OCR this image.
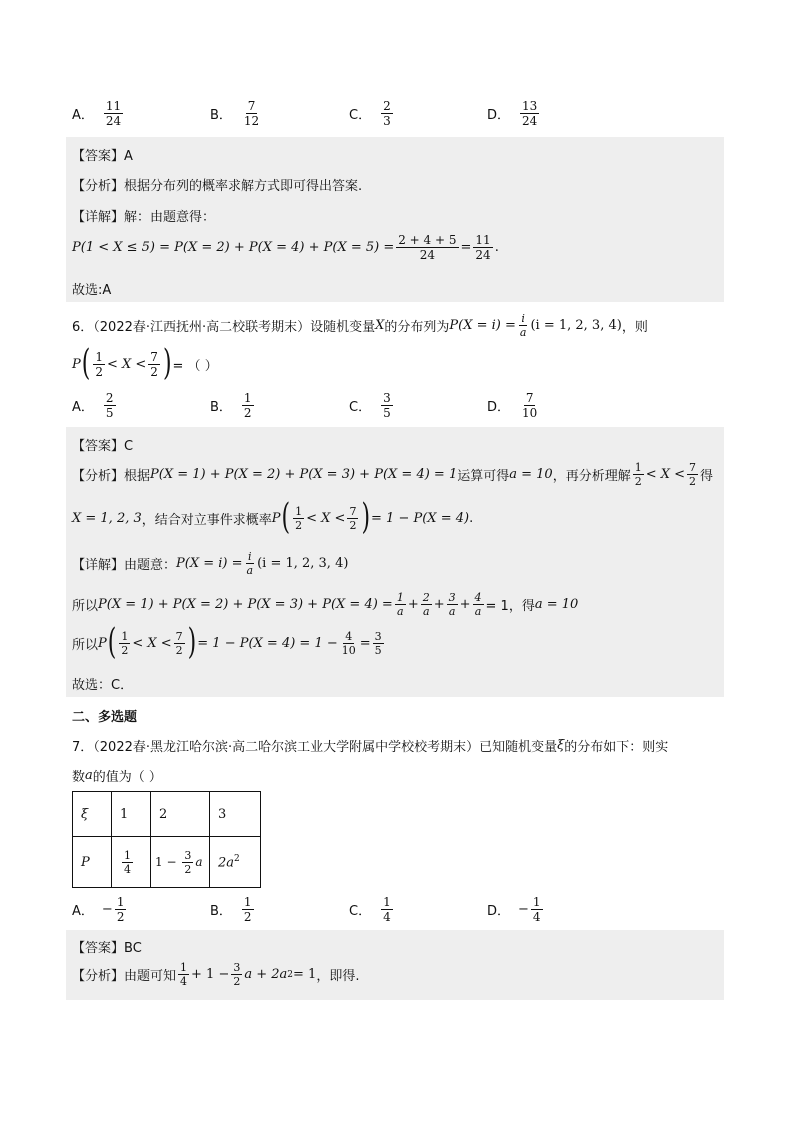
A． $\frac{11}{24}$	B． $\frac{7}{12}$	C． $\frac{2}{3}$	D． $\frac{13}{24}$
【答案】A
【分析】根据分布列的概率求解方式即可得出答案.
【详解】解：由题意得：
$P(1 < X \le 5) = P(X = 2) + P(X = 4) + P(X = 5) = \frac{2 + 4 + 5}{24} = \frac{11}{24}$ .
故选:A
6．（2022春·江西抚州·高二校联考期末）设随机变量 X 的分布列为 $P(X = i) = \frac{i}{a} (i = 1$, 2, 3, 4) ，则
P ( $\frac{1}{2} < X < \frac{7}{2}$ ) = （ ）
A． $\frac{2}{5}$	B． $\frac{1}{2}$	C． $\frac{3}{5}$	D． $\frac{7}{10}$
【答案】C
【分析】根据 P(X = 1) + P(X = 2) + P(X = 3) + P(X = 4) = 1 运算可得 a = 10 ，再分析理解 $\frac{1}{2} < X < \frac{7}{2}$ 得
X = 1, 2, 3 ，结合对立事件求概率 P ( $\frac{1}{2} < X < \frac{7}{2}$ ) = 1 − P(X = 4) .
【详解】由题意： $P(X = i) = \frac{i}{a} (i = 1$, 2, 3, 4)
所以 $P(X = 1) + P(X = 2) + P(X = 3) + P(X = 4) = \frac{1}{a} + \frac{2}{a} + \frac{3}{a} + \frac{4}{a} = 1$，得 a = 10
所以 P ( $\frac{1}{2} < X < \frac{7}{2}$ ) = $1 - P(X = 4) = 1 - \frac{4}{10} = \frac{3}{5}$
故选：C．
二、多选题
7．（2022春·黑龙江哈尔滨·高二哈尔滨工业大学附属中学校校考期末）已知随机变量 ξ 的分布如下：则实
数 a 的值为（ ）
ξ	1	2	3
P	$\frac{1}{4}$	$1 - \frac{3}{2}$ a	$2a^2$
A． − $\frac{1}{2}$	B． $\frac{1}{2}$	C． $\frac{1}{4}$	D． − $\frac{1}{4}$
【答案】BC
【分析】由题可知 $\frac{1}{4} + 1 - \frac{3}{2}$ a + 2a 2 = 1 ，即得.
